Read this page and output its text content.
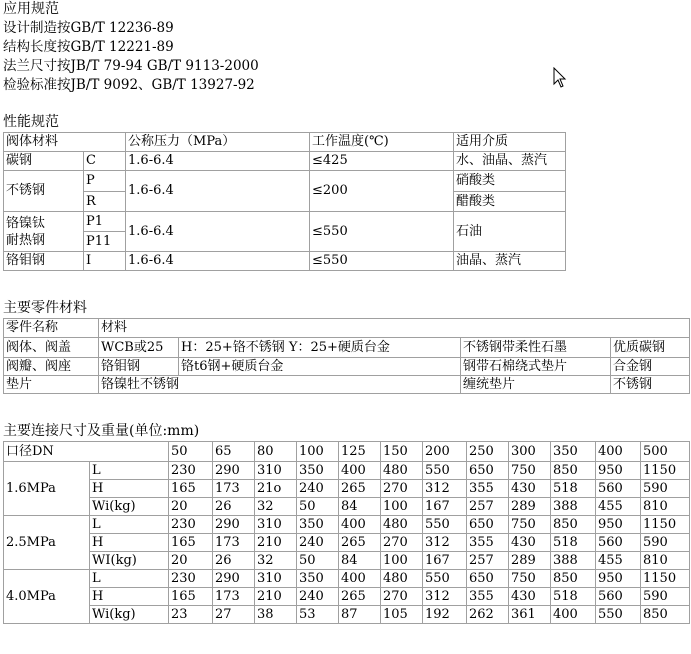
应用规范
设计制造按GB/T 12236-89
结构长度按GB/T 12221-89
法兰尺寸按JB/T 79-94 GB/T 9113-2000
检验标准按JB/T 9092、GB/T 13927-92
性能规范
阀体材料		公称压力（MPa）	工作温度(℃)	适用介质
碳钢	C	1.6-6.4	≤425	水、油晶、蒸汽
不锈钢	P	1.6-6.4	≤200	硝酸类
	R			醋酸类

铬镍钛
耐热钢	P1	1.6-6.4	≤550	石油
	P11			
铬钼钢	I	1.6-6.4	≤550	油晶、蒸汽
主要零件材料
零件名称	材料			
阀体、阀盖	WCB或25	H：25+铬不锈钢 Y：25+硬质台金	不锈钢带柔性石墨	优质碳钢
阀瓣、阀座	铬钼钢	铬t6钢+硬质台金	钢带石棉绕式垫片	合金钢
垫片	铬镍牡不锈钢		缠统垫片	不锈钢
主要连接尺寸及重量(单位:mm)
口径DN		50	65	80	100	125	150	200	250	300	350	400	500
1.6MPa	L	230	290	310	350	400	480	550	650	750	850	950	1150
	H	165	173	21o	240	265	270	312	355	430	518	560	590
	Wi(kg)	20	26	32	50	84	100	167	257	289	388	455	810
2.5MPa	L	230	290	310	350	400	480	550	650	750	850	950	1150
	H	165	173	210	240	265	270	312	355	430	518	560	590
	WI(kg)	20	26	32	50	84	100	167	257	289	388	455	810
4.0MPa	L	230	290	310	350	400	480	550	650	750	850	950	1150
	H	165	173	210	240	265	270	312	355	430	518	560	590
	Wi(kg)	23	27	38	53	87	105	192	262	361	400	550	850
